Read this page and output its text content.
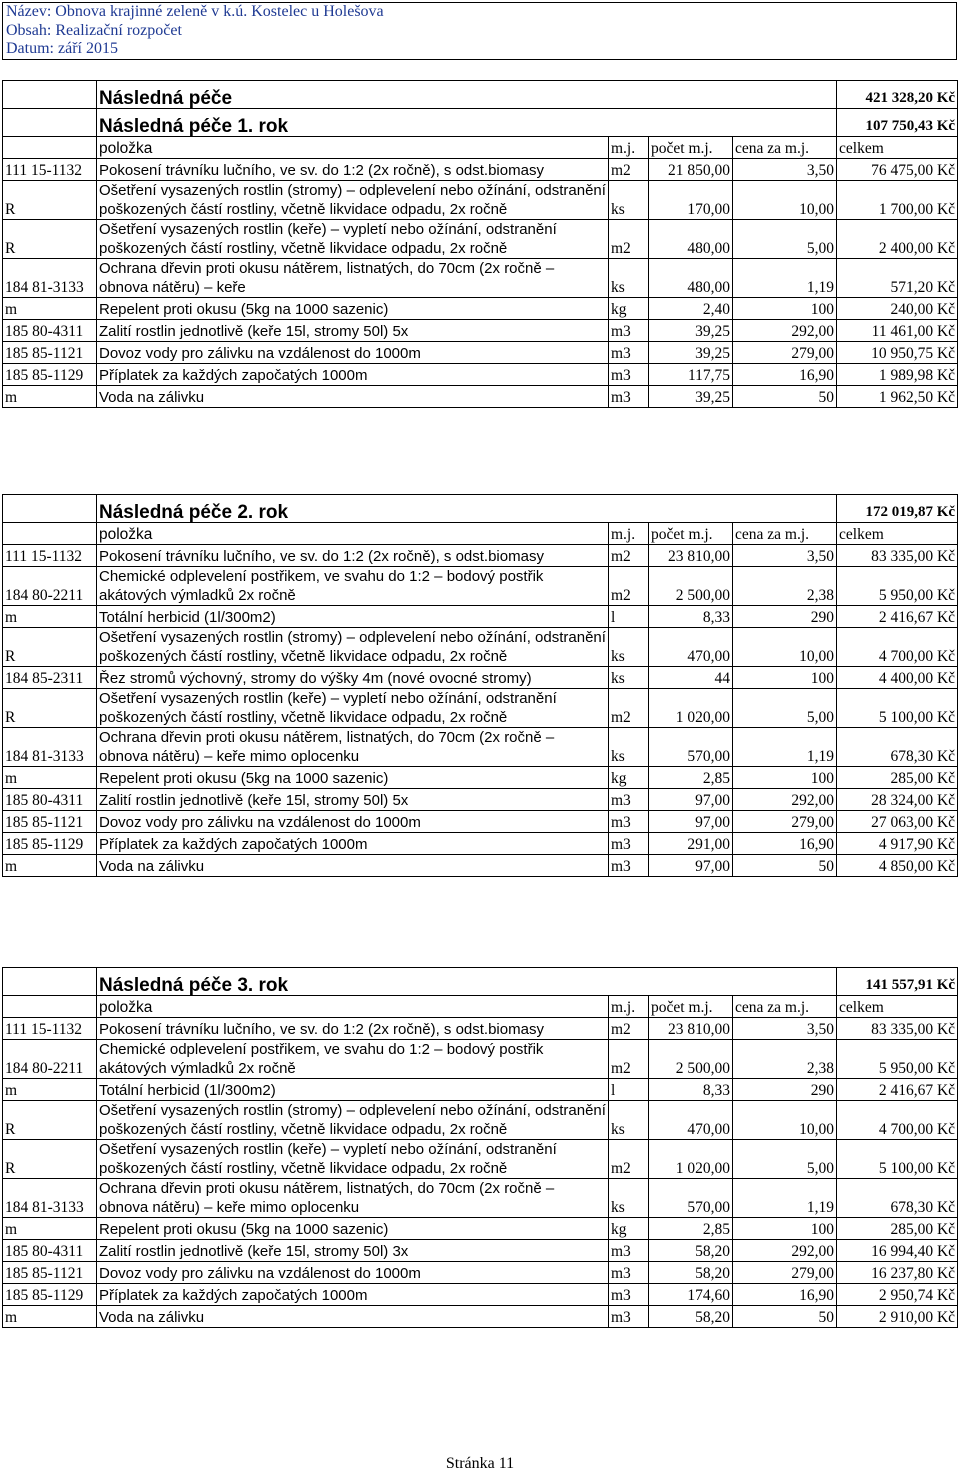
Název: Obnova krajinné zeleně v k.ú. Kostelec u Holešova
Obsah: Realizační rozpočet
Datum: září 2015
	Následná péče				421 328,20 Kč
	Následná péče 1. rok				107 750,43 Kč
	položka	m.j.	počet m.j.	cena za m.j.	celkem
111 15-1132	Pokosení trávníku lučního, ve sv. do 1:2 (2x ročně), s odst.biomasy	m2	21 850,00	3,50	76 475,00 Kč
R	Ošetření vysazených rostlin (stromy) – odplevelení nebo ožínání, odstranění poškozených částí rostliny, včetně likvidace odpadu, 2x ročně	ks	170,00	10,00	1 700,00 Kč
R	Ošetření vysazených rostlin (keře) – vypletí nebo ožínání, odstranění poškozených částí rostliny, včetně likvidace odpadu, 2x ročně	m2	480,00	5,00	2 400,00 Kč
184 81-3133	Ochrana dřevin proti okusu nátěrem, listnatých, do 70cm (2x ročně – obnova nátěru) – keře	ks	480,00	1,19	571,20 Kč
m	Repelent proti okusu (5kg na 1000 sazenic)	kg	2,40	100	240,00 Kč
185 80-4311	Zalití rostlin jednotlivě (keře 15l, stromy 50l) 5x	m3	39,25	292,00	11 461,00 Kč
185 85-1121	Dovoz vody pro zálivku na vzdálenost do 1000m	m3	39,25	279,00	10 950,75 Kč
185 85-1129	Příplatek za každých započatých 1000m	m3	117,75	16,90	1 989,98 Kč
m	Voda na zálivku	m3	39,25	50	1 962,50 Kč
	Následná péče 2. rok				172 019,87 Kč
	položka	m.j.	počet m.j.	cena za m.j.	celkem
111 15-1132	Pokosení trávníku lučního, ve sv. do 1:2 (2x ročně), s odst.biomasy	m2	23 810,00	3,50	83 335,00 Kč
184 80-2211	Chemické odplevelení postřikem, ve svahu do 1:2 – bodový postřik akátových výmladků 2x ročně	m2	2 500,00	2,38	5 950,00 Kč
m	Totální herbicid (1l/300m2)	l	8,33	290	2 416,67 Kč
R	Ošetření vysazených rostlin (stromy) – odplevelení nebo ožínání, odstranění poškozených částí rostliny, včetně likvidace odpadu, 2x ročně	ks	470,00	10,00	4 700,00 Kč
184 85-2311	Řez stromů výchovný, stromy do výšky 4m (nové ovocné stromy)	ks	44	100	4 400,00 Kč
R	Ošetření vysazených rostlin (keře) – vypletí nebo ožínání, odstranění poškozených částí rostliny, včetně likvidace odpadu, 2x ročně	m2	1 020,00	5,00	5 100,00 Kč
184 81-3133	Ochrana dřevin proti okusu nátěrem, listnatých, do 70cm (2x ročně – obnova nátěru) – keře mimo oplocenku	ks	570,00	1,19	678,30 Kč
m	Repelent proti okusu (5kg na 1000 sazenic)	kg	2,85	100	285,00 Kč
185 80-4311	Zalití rostlin jednotlivě (keře 15l, stromy 50l) 5x	m3	97,00	292,00	28 324,00 Kč
185 85-1121	Dovoz vody pro zálivku na vzdálenost do 1000m	m3	97,00	279,00	27 063,00 Kč
185 85-1129	Příplatek za každých započatých 1000m	m3	291,00	16,90	4 917,90 Kč
m	Voda na zálivku	m3	97,00	50	4 850,00 Kč
	Následná péče 3. rok				141 557,91 Kč
	položka	m.j.	počet m.j.	cena za m.j.	celkem
111 15-1132	Pokosení trávníku lučního, ve sv. do 1:2 (2x ročně), s odst.biomasy	m2	23 810,00	3,50	83 335,00 Kč
184 80-2211	Chemické odplevelení postřikem, ve svahu do 1:2 – bodový postřik akátových výmladků 2x ročně	m2	2 500,00	2,38	5 950,00 Kč
m	Totální herbicid (1l/300m2)	l	8,33	290	2 416,67 Kč
R	Ošetření vysazených rostlin (stromy) – odplevelení nebo ožínání, odstranění poškozených částí rostliny, včetně likvidace odpadu, 2x ročně	ks	470,00	10,00	4 700,00 Kč
R	Ošetření vysazených rostlin (keře) – vypletí nebo ožínání, odstranění poškozených částí rostliny, včetně likvidace odpadu, 2x ročně	m2	1 020,00	5,00	5 100,00 Kč
184 81-3133	Ochrana dřevin proti okusu nátěrem, listnatých, do 70cm (2x ročně – obnova nátěru) – keře mimo oplocenku	ks	570,00	1,19	678,30 Kč
m	Repelent proti okusu (5kg na 1000 sazenic)	kg	2,85	100	285,00 Kč
185 80-4311	Zalití rostlin jednotlivě (keře 15l, stromy 50l) 3x	m3	58,20	292,00	16 994,40 Kč
185 85-1121	Dovoz vody pro zálivku na vzdálenost do 1000m	m3	58,20	279,00	16 237,80 Kč
185 85-1129	Příplatek za každých započatých 1000m	m3	174,60	16,90	2 950,74 Kč
m	Voda na zálivku	m3	58,20	50	2 910,00 Kč
Stránka 11
